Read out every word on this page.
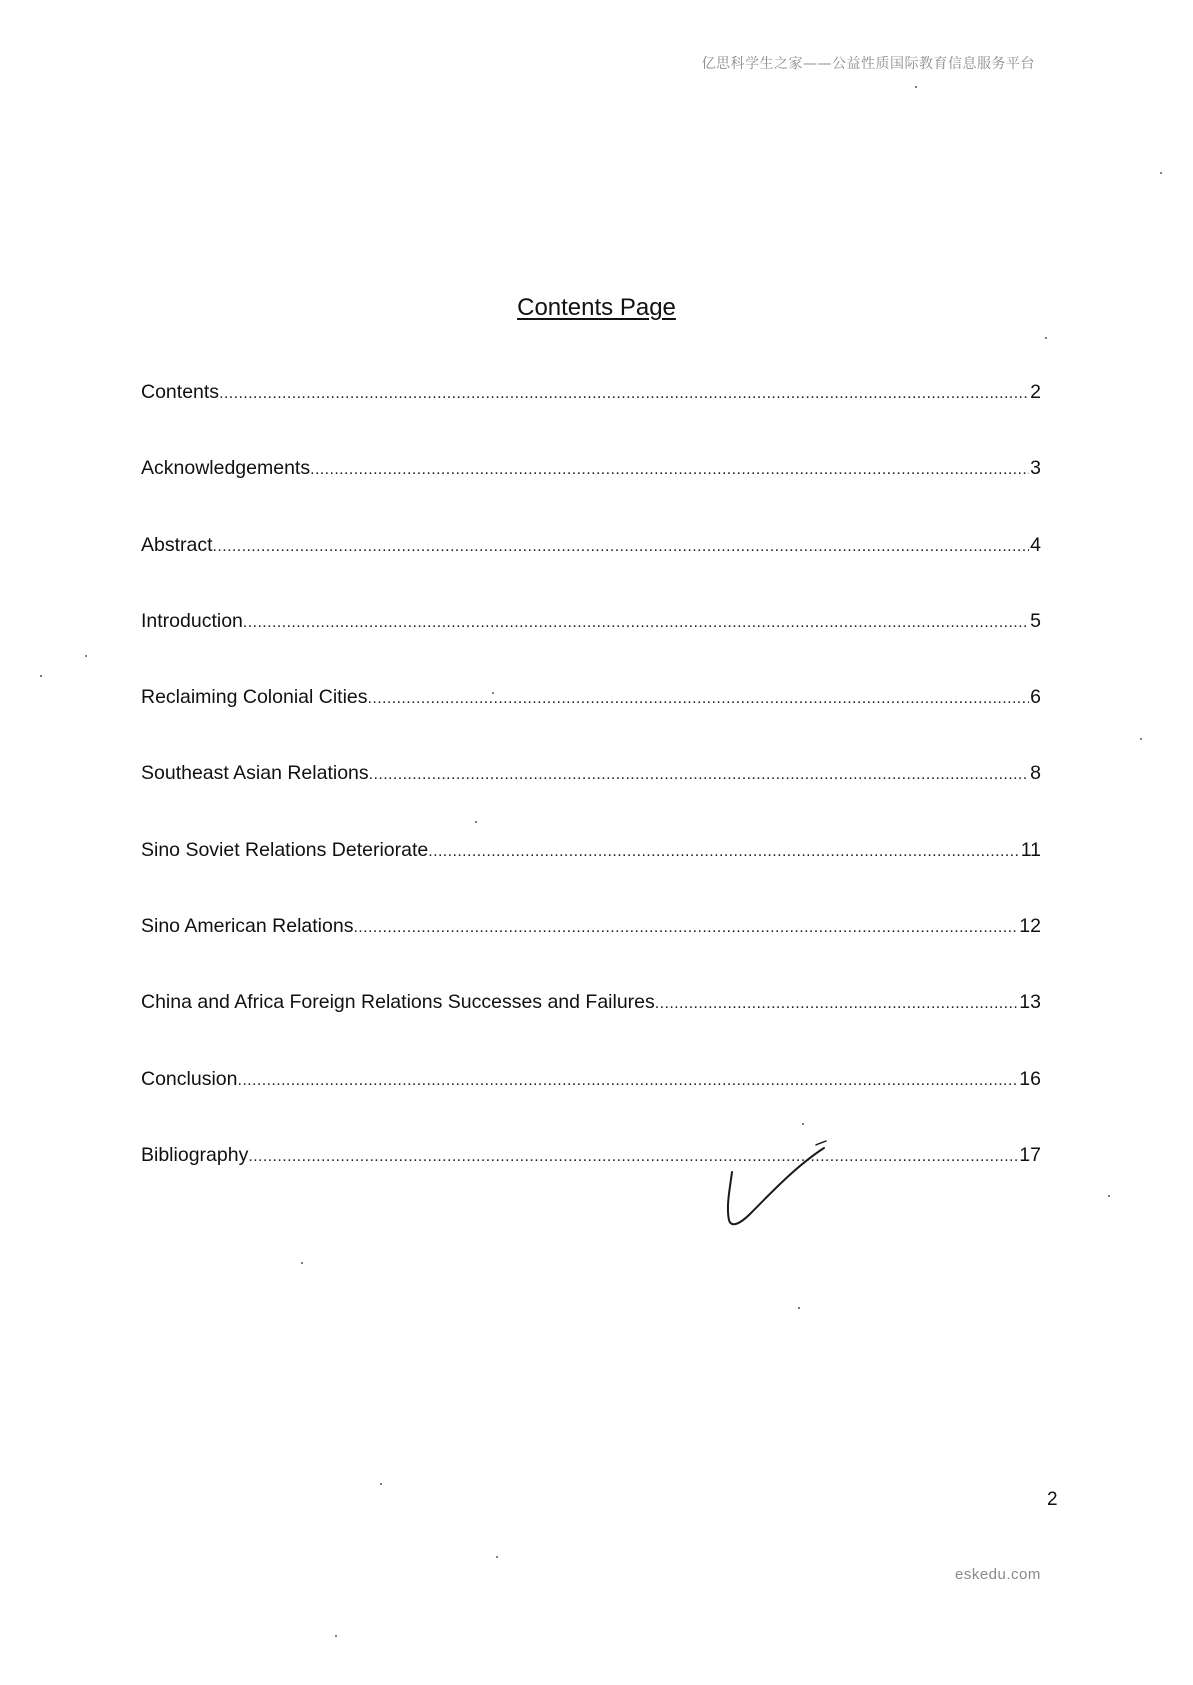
亿思科学生之家——公益性质国际教育信息服务平台
Contents Page
Contents .....	2
Acknowledgements .....	3
Abstract .....	4
Introduction .....	5
Reclaiming Colonial Cities .....	6
Southeast Asian Relations .....	8
Sino Soviet Relations Deteriorate .....	11
Sino American Relations .....	12
China and Africa Foreign Relations Successes and Failures .....	13
Conclusion .....	16
Bibliography .....	17
2
eskedu.com
